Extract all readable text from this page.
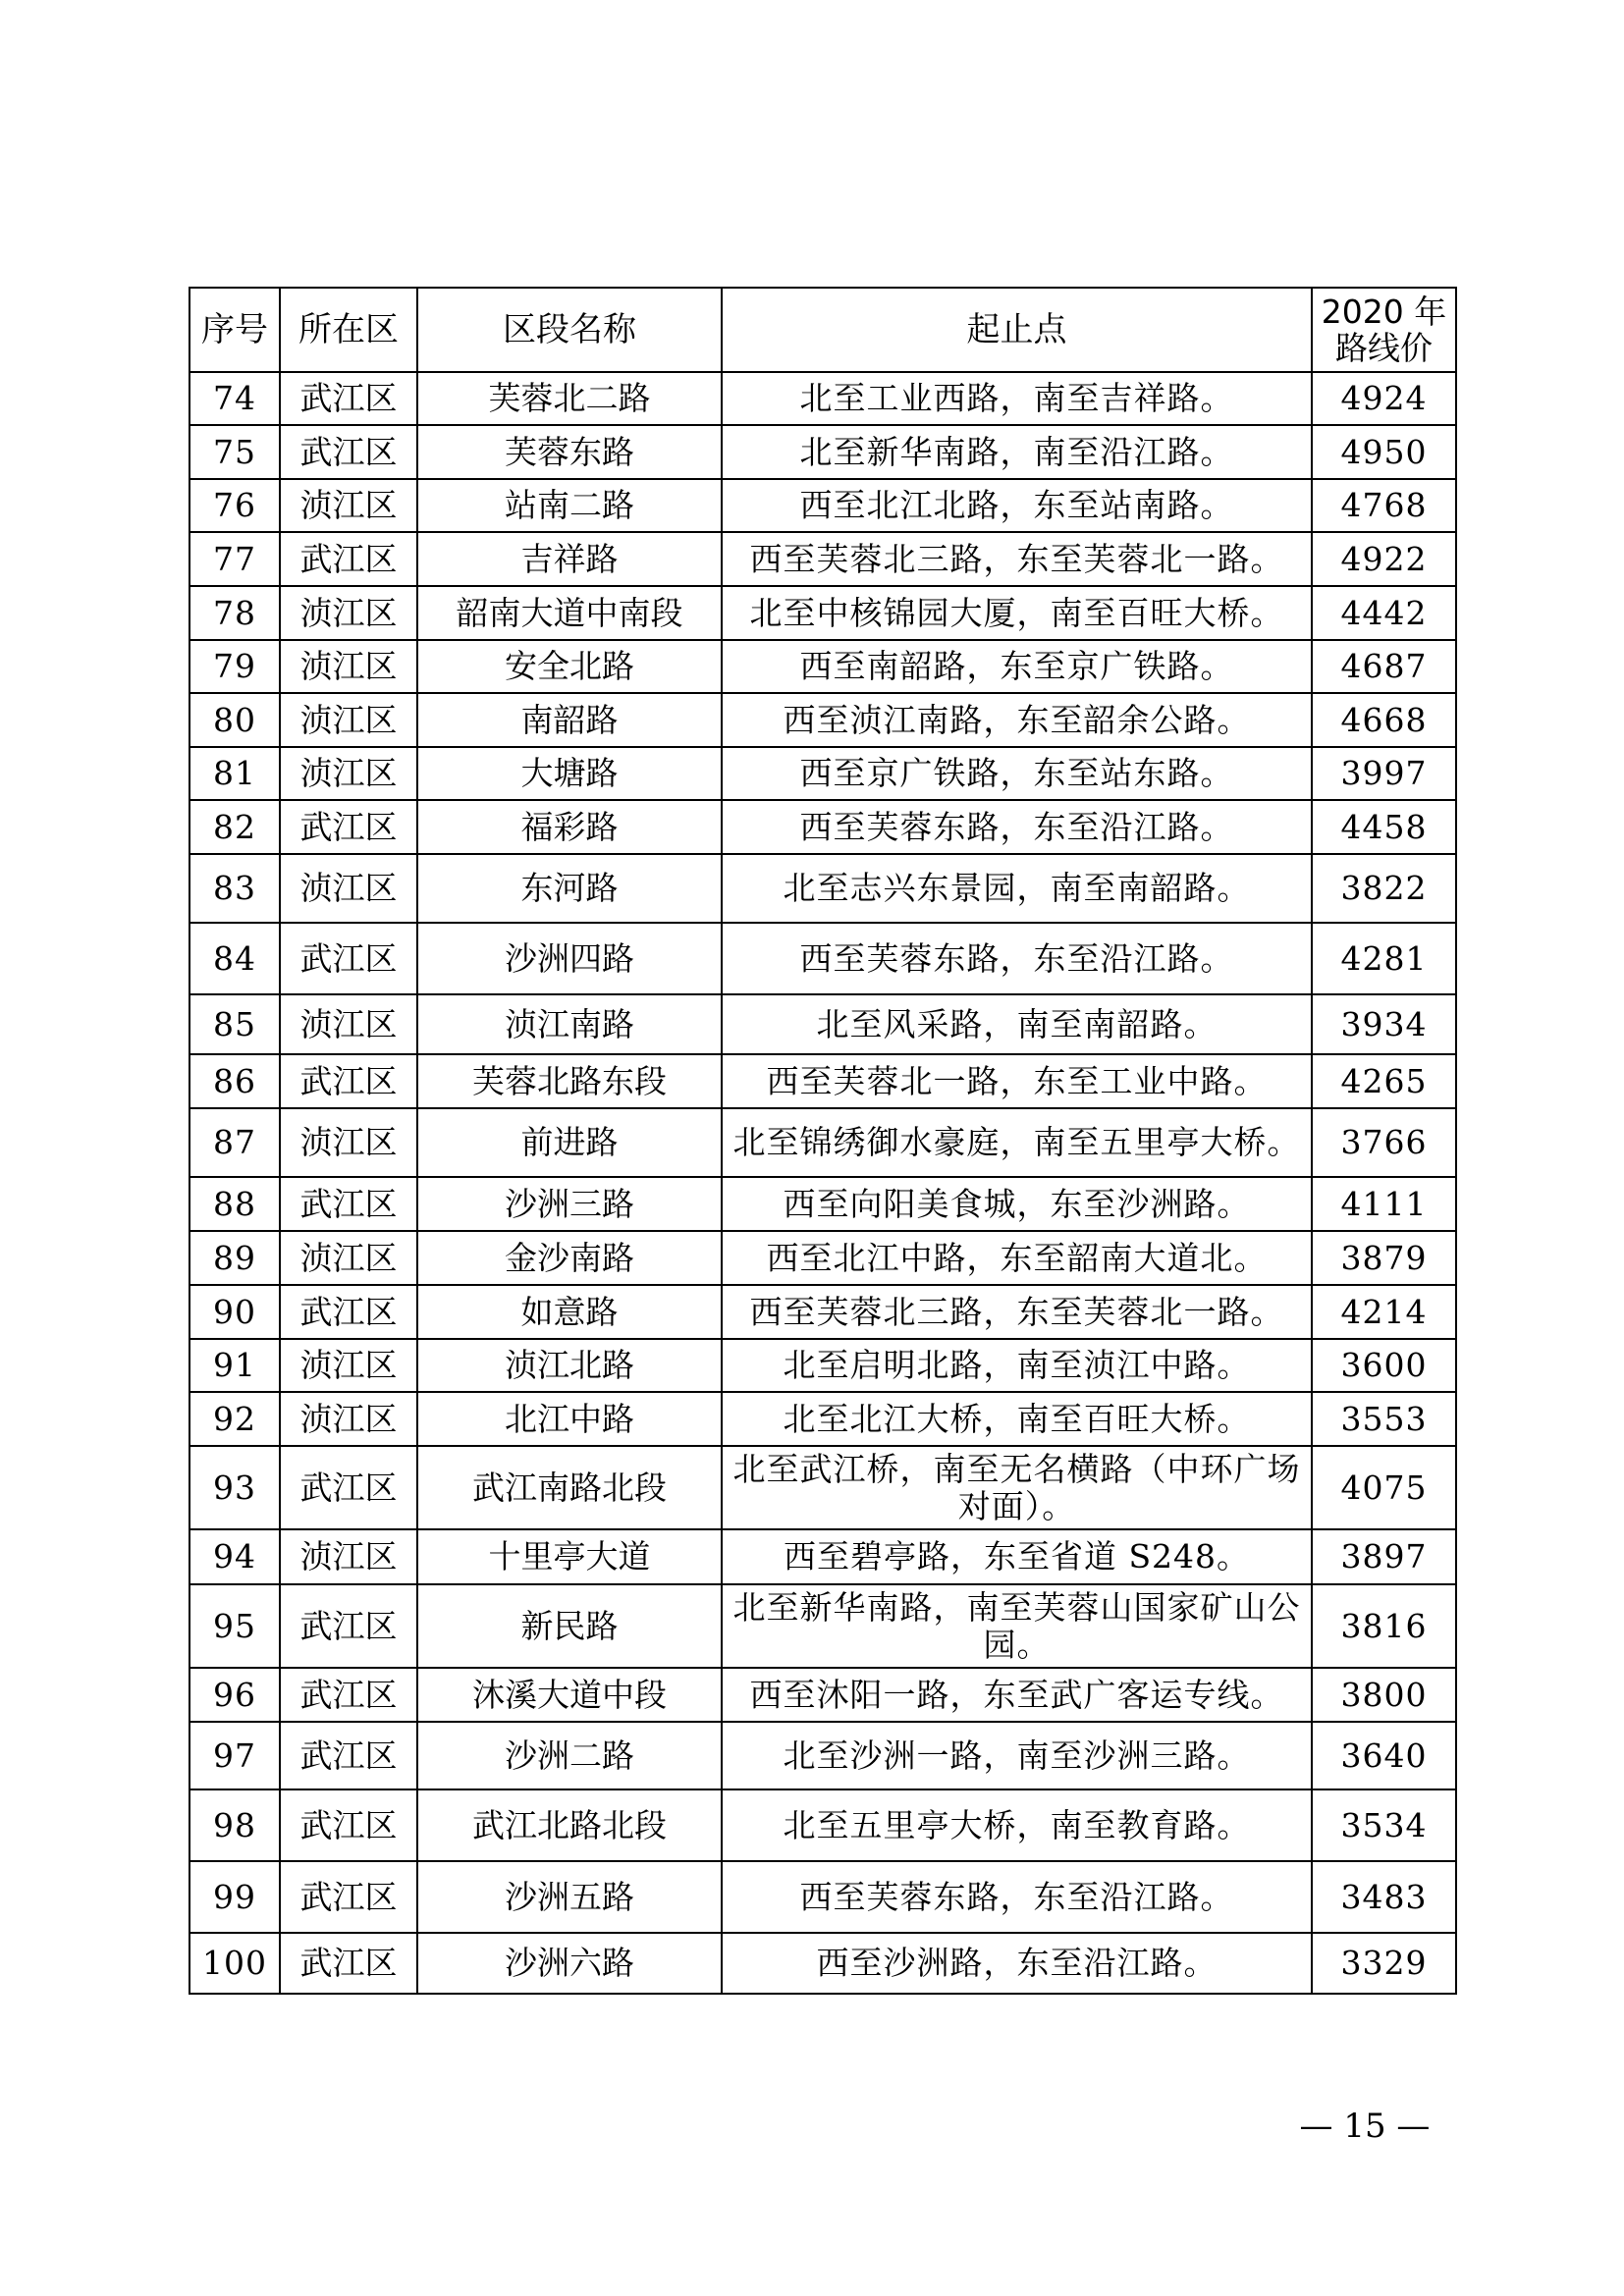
序号	所在区	区段名称	起止点	2020 年
路线价

74	武江区	芙蓉北二路	北至工业西路，南至吉祥路。	4924
75	武江区	芙蓉东路	北至新华南路，南至沿江路。	4950
76	浈江区	站南二路	西至北江北路，东至站南路。	4768
77	武江区	吉祥路	西至芙蓉北三路，东至芙蓉北一路。	4922
78	浈江区	韶南大道中南段	北至中核锦园大厦，南至百旺大桥。	4442
79	浈江区	安全北路	西至南韶路，东至京广铁路。	4687
80	浈江区	南韶路	西至浈江南路，东至韶余公路。	4668
81	浈江区	大塘路	西至京广铁路，东至站东路。	3997
82	武江区	福彩路	西至芙蓉东路，东至沿江路。	4458
83	浈江区	东河路	北至志兴东景园，南至南韶路。	3822
84	武江区	沙洲四路	西至芙蓉东路，东至沿江路。	4281
85	浈江区	浈江南路	北至风采路，南至南韶路。	3934
86	武江区	芙蓉北路东段	西至芙蓉北一路，东至工业中路。	4265
87	浈江区	前进路	北至锦绣御水豪庭，南至五里亭大桥。	3766
88	武江区	沙洲三路	西至向阳美食城，东至沙洲路。	4111
89	浈江区	金沙南路	西至北江中路，东至韶南大道北。	3879
90	武江区	如意路	西至芙蓉北三路，东至芙蓉北一路。	4214
91	浈江区	浈江北路	北至启明北路，南至浈江中路。	3600
92	浈江区	北江中路	北至北江大桥，南至百旺大桥。	3553
93	武江区	武江南路北段	北至武江桥，南至无名横路（中环广场对面）。	4075
94	浈江区	十里亭大道	西至碧亭路，东至省道 S248。	3897
95	武江区	新民路	北至新华南路，南至芙蓉山国家矿山公园。	3816
96	武江区	沐溪大道中段	西至沐阳一路，东至武广客运专线。	3800
97	武江区	沙洲二路	北至沙洲一路，南至沙洲三路。	3640
98	武江区	武江北路北段	北至五里亭大桥，南至教育路。	3534
99	武江区	沙洲五路	西至芙蓉东路，东至沿江路。	3483
100	武江区	沙洲六路	西至沙洲路，东至沿江路。	3329
— 15 —
